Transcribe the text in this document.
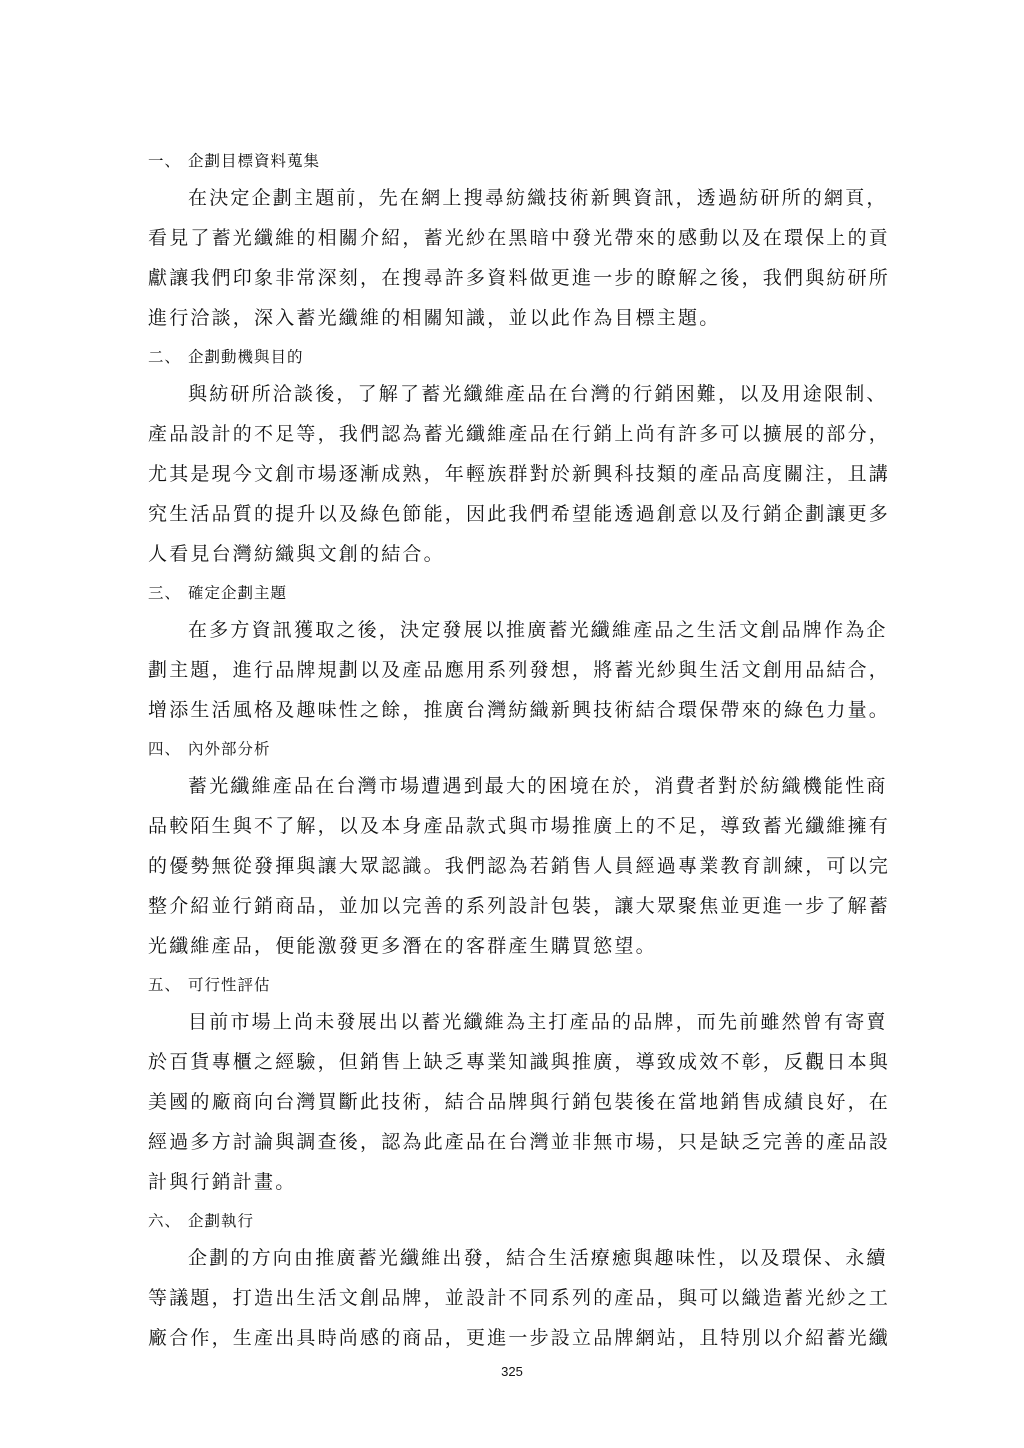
一、 企劃目標資料蒐集
在決定企劃主題前，先在網上搜尋紡織技術新興資訊，透過紡研所的網頁，
看見了蓄光纖維的相關介紹，蓄光紗在黑暗中發光帶來的感動以及在環保上的貢
獻讓我們印象非常深刻，在搜尋許多資料做更進一步的瞭解之後，我們與紡研所
進行洽談，深入蓄光纖維的相關知識，並以此作為目標主題。
二、 企劃動機與目的
與紡研所洽談後，了解了蓄光纖維產品在台灣的行銷困難，以及用途限制、
產品設計的不足等，我們認為蓄光纖維產品在行銷上尚有許多可以擴展的部分，
尤其是現今文創市場逐漸成熟，年輕族群對於新興科技類的產品高度關注，且講
究生活品質的提升以及綠色節能，因此我們希望能透過創意以及行銷企劃讓更多
人看見台灣紡織與文創的結合。
三、 確定企劃主題
在多方資訊獲取之後，決定發展以推廣蓄光纖維產品之生活文創品牌作為企
劃主題，進行品牌規劃以及產品應用系列發想，將蓄光紗與生活文創用品結合，
增添生活風格及趣味性之餘，推廣台灣紡織新興技術結合環保帶來的綠色力量。
四、 內外部分析
蓄光纖維產品在台灣市場遭遇到最大的困境在於，消費者對於紡織機能性商
品較陌生與不了解，以及本身產品款式與市場推廣上的不足，導致蓄光纖維擁有
的優勢無從發揮與讓大眾認識。我們認為若銷售人員經過專業教育訓練，可以完
整介紹並行銷商品，並加以完善的系列設計包裝，讓大眾聚焦並更進一步了解蓄
光纖維產品，便能激發更多潛在的客群產生購買慾望。
五、 可行性評估
目前市場上尚未發展出以蓄光纖維為主打產品的品牌，而先前雖然曾有寄賣
於百貨專櫃之經驗，但銷售上缺乏專業知識與推廣，導致成效不彰，反觀日本與
美國的廠商向台灣買斷此技術，結合品牌與行銷包裝後在當地銷售成績良好，在
經過多方討論與調查後，認為此產品在台灣並非無市場，只是缺乏完善的產品設
計與行銷計畫。
六、 企劃執行
企劃的方向由推廣蓄光纖維出發，結合生活療癒與趣味性，以及環保、永續
等議題，打造出生活文創品牌，並設計不同系列的產品，與可以織造蓄光紗之工
廠合作，生產出具時尚感的商品，更進一步設立品牌網站，且特別以介紹蓄光纖
325
